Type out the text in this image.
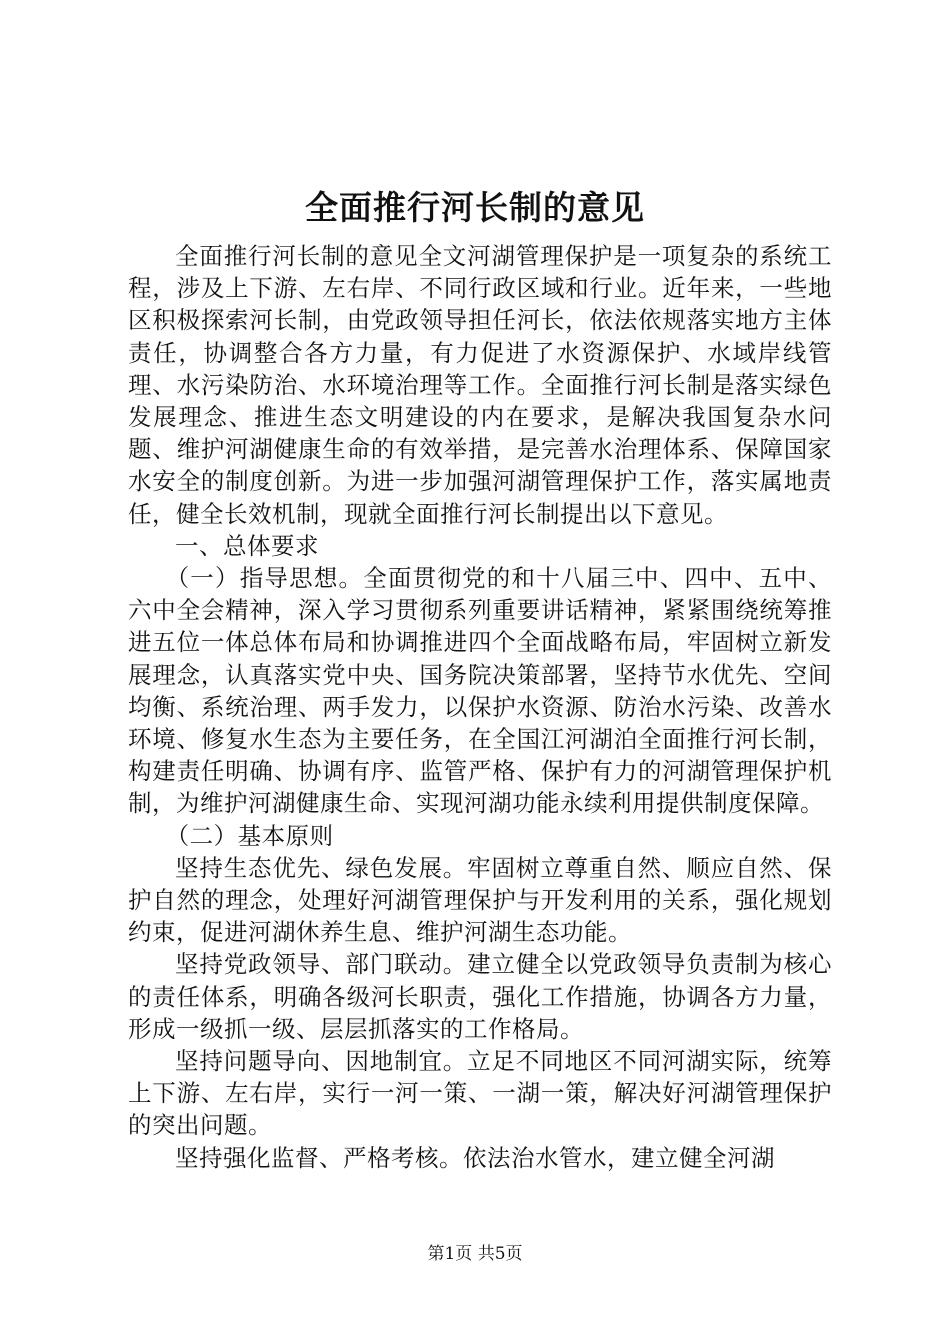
全面推行河长制的意见

全面推行河长制的意见全文河湖管理保护是一项复杂的系统工程，涉及上下游、左右岸、不同行政区域和行业。近年来，一些地区积极探索河长制，由党政领导担任河长，依法依规落实地方主体责任，协调整合各方力量，有力促进了水资源保护、水域岸线管理、水污染防治、水环境治理等工作。全面推行河长制是落实绿色发展理念、推进生态文明建设的内在要求，是解决我国复杂水问题、维护河湖健康生命的有效举措，是完善水治理体系、保障国家水安全的制度创新。为进一步加强河湖管理保护工作，落实属地责任，健全长效机制，现就全面推行河长制提出以下意见。

一、总体要求

（一）指导思想。全面贯彻党的和十八届三中、四中、五中、六中全会精神，深入学习贯彻系列重要讲话精神，紧紧围绕统筹推进五位一体总体布局和协调推进四个全面战略布局，牢固树立新发展理念，认真落实党中央、国务院决策部署，坚持节水优先、空间均衡、系统治理、两手发力，以保护水资源、防治水污染、改善水环境、修复水生态为主要任务，在全国江河湖泊全面推行河长制，构建责任明确、协调有序、监管严格、保护有力的河湖管理保护机制，为维护河湖健康生命、实现河湖功能永续利用提供制度保障。

（二）基本原则

坚持生态优先、绿色发展。牢固树立尊重自然、顺应自然、保护自然的理念，处理好河湖管理保护与开发利用的关系，强化规划约束，促进河湖休养生息、维护河湖生态功能。

坚持党政领导、部门联动。建立健全以党政领导负责制为核心的责任体系，明确各级河长职责，强化工作措施，协调各方力量，形成一级抓一级、层层抓落实的工作格局。

坚持问题导向、因地制宜。立足不同地区不同河湖实际，统筹上下游、左右岸，实行一河一策、一湖一策，解决好河湖管理保护的突出问题。

坚持强化监督、严格考核。依法治水管水，建立健全河湖

第1页 共5页
